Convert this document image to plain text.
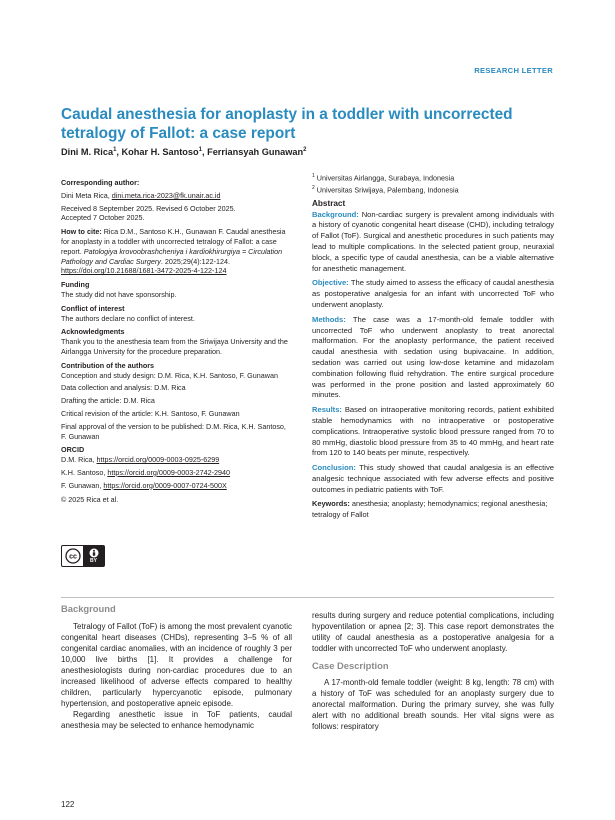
RESEARCH LETTER
Caudal anesthesia for anoplasty in a toddler with uncorrected tetralogy of Fallot: a case report
Dini M. Rica$^1$, Kohar H. Santoso$^1$, Ferriansyah Gunawan$^2$

Corresponding author:

Dini Meta Rica, dini.meta.rica-2023@fk.unair.ac.id

Received 8 September 2025. Revised 6 October 2025.

Accepted 7 October 2025.

How to cite: Rica D.M., Santoso K.H., Gunawan F. Caudal anesthesia for anoplasty in a toddler with uncorrected tetralogy of Fallot: a case report. Patologiya krovoobrashcheniya i kardiokhirurgiya = Circulation Pathology and Cardiac Surgery. 2025;29(4):122-124.
https://doi.org/10.21688/1681-3472-2025-4-122-124

Funding

The study did not have sponsorship.

Conflict of interest

The authors declare no conflict of interest.

Acknowledgments

Thank you to the anesthesia team from the Sriwijaya University and the Airlangga University for the procedure preparation.

Contribution of the authors

Conception and study design: D.M. Rica, K.H. Santoso, F. Gunawan

Data collection and analysis: D.M. Rica

Drafting the article: D.M. Rica

Critical revision of the article: K.H. Santoso, F. Gunawan

Final approval of the version to be published: D.M. Rica, K.H. Santoso, F. Gunawan

ORCID

D.M. Rica, https://orcid.org/0009-0003-0925-6299

K.H. Santoso, https://orcid.org/0009-0003-2742-2940

F. Gunawan, https://orcid.org/0009-0007-0724-500X

© 2025 Rica et al.

cc
BY
$^1$ Universitas Airlangga, Surabaya, Indonesia
$^2$ Universitas Sriwijaya, Palembang, Indonesia
Abstract

Background: Non-cardiac surgery is prevalent among individuals with a history of cyanotic congenital heart disease (CHD), including tetralogy of Fallot (ToF). Surgical and anesthetic procedures in such patients may lead to multiple complications. In the selected patient group, neuraxial block, a specific type of caudal anesthesia, can be a viable alternative for anesthetic management.

Objective: The study aimed to assess the efficacy of caudal anesthesia as postoperative analgesia for an infant with uncorrected ToF who underwent anoplasty.

Methods: The case was a 17-month-old female toddler with uncorrected ToF who underwent anoplasty to treat anorectal malformation. For the anoplasty performance, the patient received caudal anesthesia with sedation using bupivacaine. In addition, sedation was carried out using low-dose ketamine and midazolam combination following fluid rehydration. The entire surgical procedure was performed in the prone position and lasted approximately 60 minutes.

Results: Based on intraoperative monitoring records, patient exhibited stable hemodynamics with no intraoperative or postoperative complications. Intraoperative systolic blood pressure ranged from 70 to 80 mmHg, diastolic blood pressure from 35 to 40 mmHg, and heart rate from 120 to 140 beats per minute, respectively.

Conclusion: This study showed that caudal analgesia is an effective analgesic technique associated with few adverse effects and positive outcomes in pediatric patients with ToF.

Keywords: anesthesia; anoplasty; hemodynamics; regional anesthesia; tetralogy of Fallot
Background

Tetralogy of Fallot (ToF) is among the most prevalent cyanotic congenital heart diseases (CHDs), representing 3–5 % of all congenital cardiac anomalies, with an incidence of roughly 3 per 10,000 live births [1]. It provides a challenge for anesthesiologists during non-cardiac procedures due to an increased likelihood of adverse effects compared to healthy children, particularly hypercyanotic episode, pulmonary hypertension, and postoperative apneic episode.

Regarding anesthetic issue in ToF patients, caudal anesthesia may be selected to enhance hemodynamic

results during surgery and reduce potential complications, including hypoventilation or apnea [2; 3]. This case report demonstrates the utility of caudal anesthesia as a postoperative analgesia for a toddler with uncorrected ToF who underwent anoplasty.

Case Description

A 17-month-old female toddler (weight: 8 kg, length: 78 cm) with a history of ToF was scheduled for an anoplasty surgery due to anorectal malformation. During the primary survey, she was fully alert with no additional breath sounds. Her vital signs were as follows: respiratory

122
